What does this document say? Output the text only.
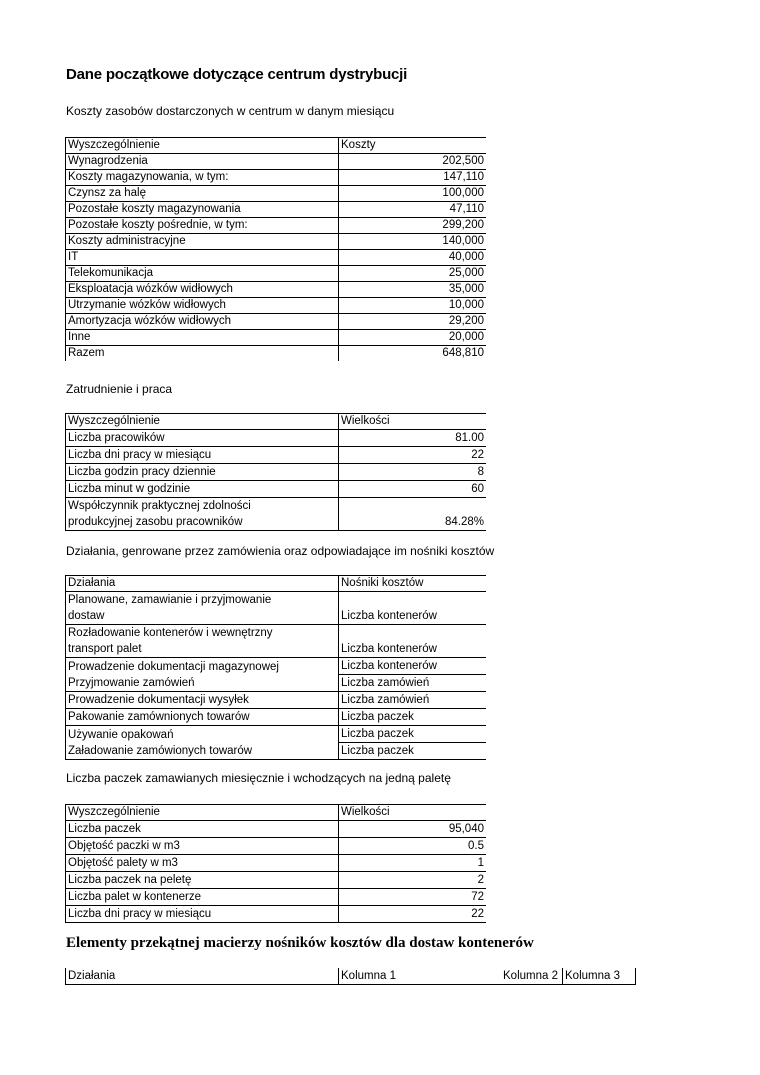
Dane początkowe dotyczące centrum dystrybucji
Koszty zasobów dostarczonych w centrum w danym miesiącu
Wyszczególnienie	Koszty
Wynagrodzenia	202,500
Koszty magazynowania, w tym:	147,110
Czynsz za halę	100,000
Pozostałe koszty magazynowania	47,110
Pozostałe koszty pośrednie, w tym:	299,200
Koszty administracyjne	140,000
IT	40,000
Telekomunikacja	25,000
Eksploatacja wózków widłowych	35,000
Utrzymanie wózków widłowych	10,000
Amortyzacja wózków widłowych	29,200
Inne	20,000
Razem	648,810
Zatrudnienie i praca
Wyszczególnienie	Wielkości
Liczba pracowików	81.00
Liczba dni pracy w miesiącu	22
Liczba godzin pracy dziennie	8
Liczba minut w godzinie	60
Współczynnik praktycznej zdolności
produkcyjnej zasobu pracowników	84.28%
Działania, genrowane przez zamówienia oraz odpowiadające im nośniki kosztów
Działania	Nośniki kosztów
Planowane, zamawianie i przyjmowanie
dostaw	Liczba kontenerów
Rozładowanie kontenerów i wewnętrzny
transport palet	Liczba kontenerów
Prowadzenie dokumentacji magazynowej	Liczba kontenerów
Przyjmowanie zamówień	Liczba zamówień
Prowadzenie dokumentacji wysyłek	Liczba zamówień
Pakowanie zamównionych towarów	Liczba paczek
Używanie opakowań	Liczba paczek
Załadowanie zamówionych towarów	Liczba paczek
Liczba paczek zamawianych miesięcznie i wchodzących na jedną paletę
Wyszczególnienie	Wielkości
Liczba paczek	95,040
Objętość paczki w m3	0.5
Objętość palety w m3	1
Liczba paczek na peletę	2
Liczba palet w kontenerze	72
Liczba dni pracy w miesiącu	22
Elementy przekątnej macierzy nośników kosztów dla dostaw kontenerów
Działania	Kolumna 1	Kolumna 2	Kolumna 3
